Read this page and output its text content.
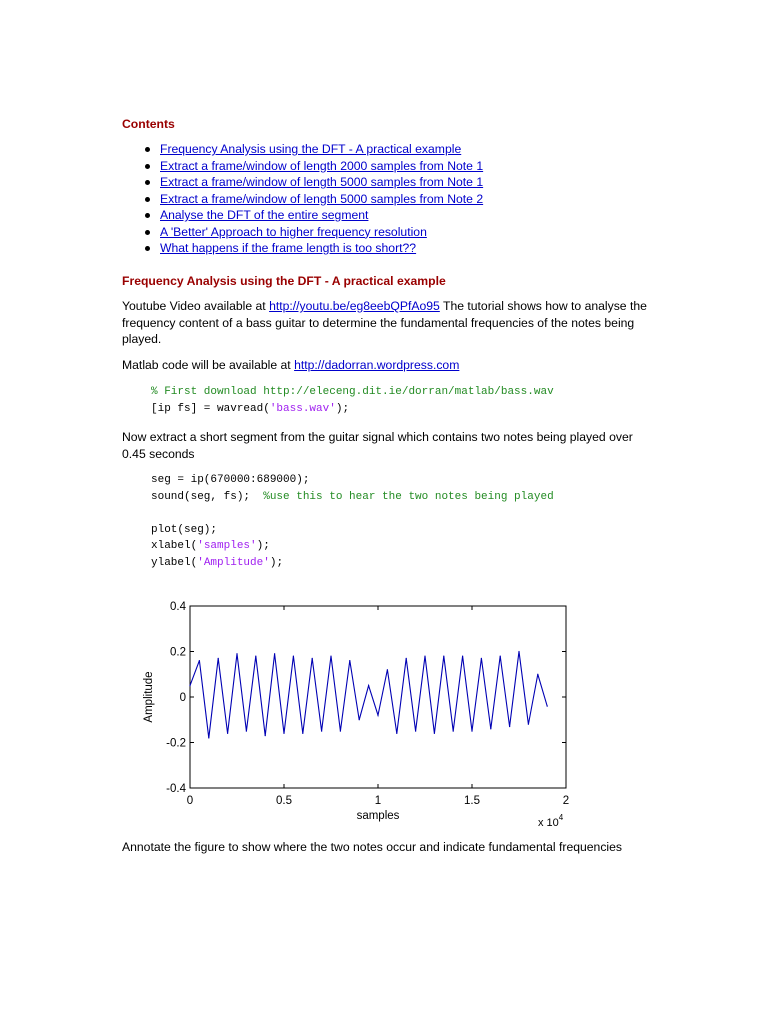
Contents
Frequency Analysis using the DFT - A practical example
Extract a frame/window of length 2000 samples from Note 1
Extract a frame/window of length 5000 samples from Note 1
Extract a frame/window of length 5000 samples from Note 2
Analyse the DFT of the entire segment
A 'Better' Approach to higher frequency resolution
What happens if the frame length is too short??
Frequency Analysis using the DFT - A practical example
Youtube Video available at http://youtu.be/eg8eebQPfAo95 The tutorial shows how to analyse the frequency content of a bass guitar to determine the fundamental frequencies of the notes being played.
Matlab code will be available at http://dadorran.wordpress.com
% First download http://eleceng.dit.ie/dorran/matlab/bass.wav
[ip fs] = wavread('bass.wav');
Now extract a short segment from the guitar signal which contains two notes being played over 0.45 seconds
seg = ip(670000:689000);
sound(seg, fs);  %use this to hear the two notes being played

plot(seg);
xlabel('samples');
ylabel('Amplitude');
Annotate the figure to show where the two notes occur and indicate fundamental frequencies
0	0.5	1	1.5	2
0.4
0.2
0
-0.2
-0.4
samples
Amplitude
x $10^4$
